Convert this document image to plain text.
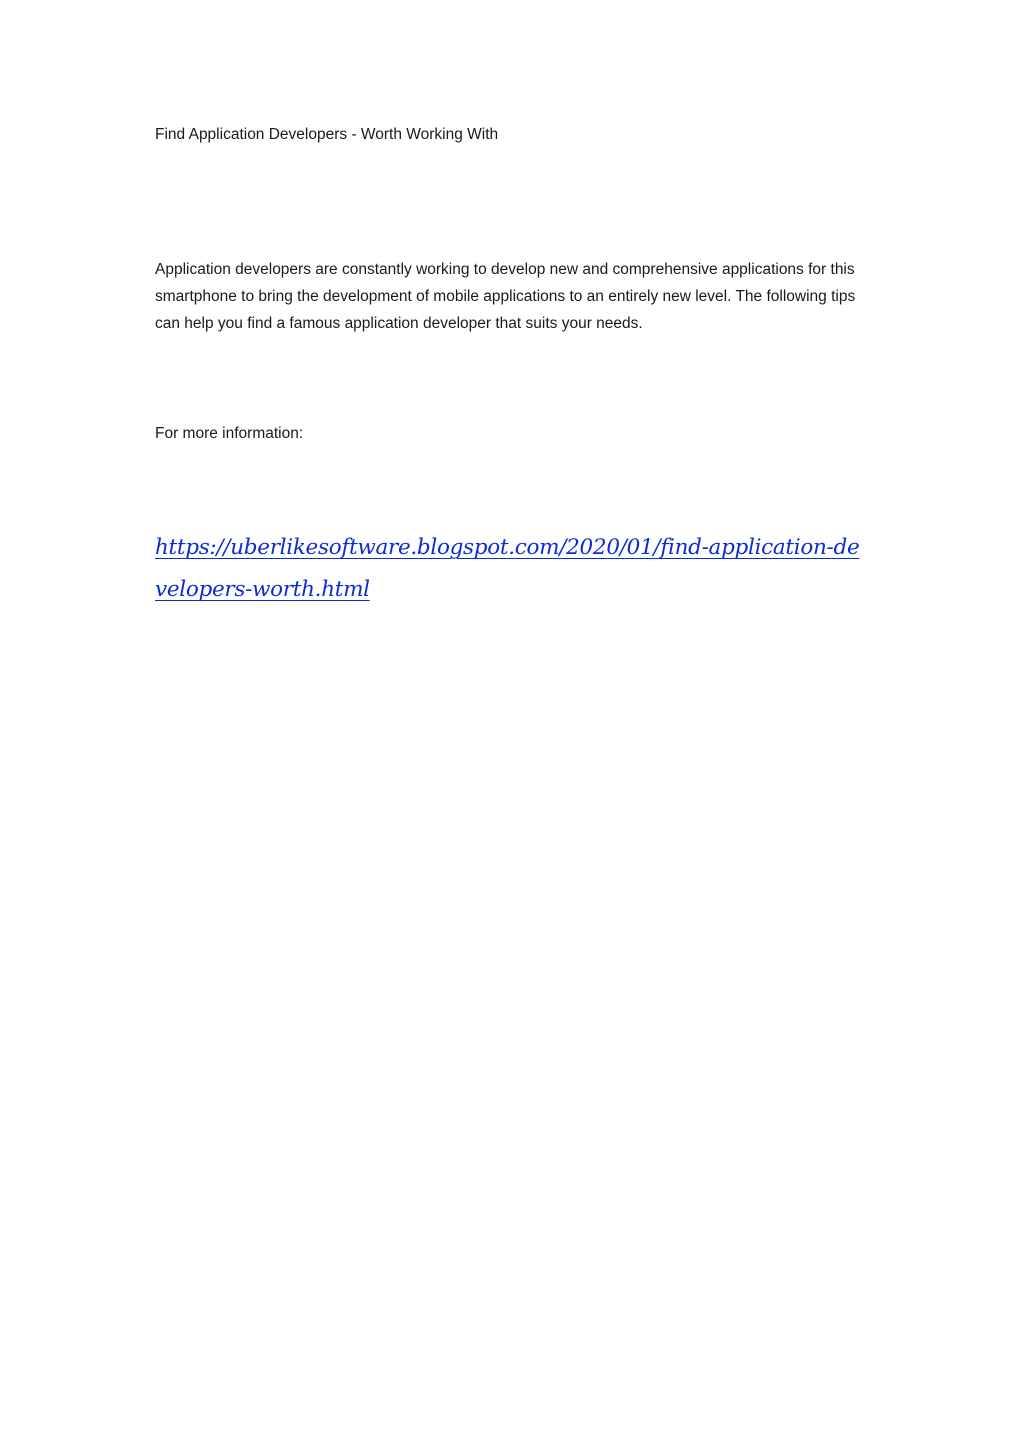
Find Application Developers - Worth Working With

Application developers are constantly working to develop new and comprehensive applications for this smartphone to bring the development of mobile applications to an entirely new level. The following tips can help you find a famous application developer that suits your needs.

For more information:

https://uberlikesoftware.blogspot.com/2020/01/find-application-developers-worth.html
